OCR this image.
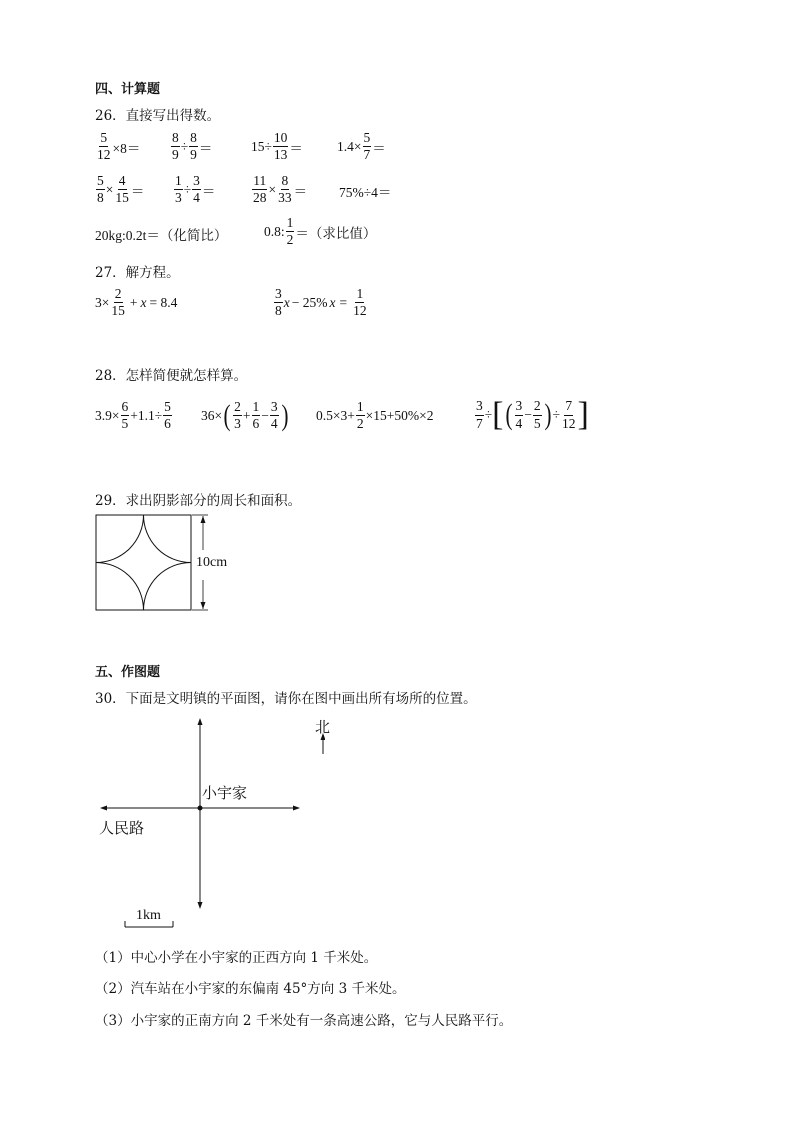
四、计算题
26．直接写出得数。
$\frac{5}{12} \times 8= \frac{8}{9} \div \frac{8}{9}$ ＝	$15\div \frac{10}{13}$ ＝	$1.4\times \frac{5}{7}$ ＝
$\frac{5}{8} \times \frac{4}{15} = \frac{1}{3} \div \frac{3}{4}$ ＝	$\frac{11}{28} \times \frac{8}{33} = 75\%\div 4=$
20kg:0.2t＝（化简比）	0.8: $\frac{1}{2}$ ＝（求比值）
27．解方程。
$3\times \frac{2}{15} + x = 8.4$	$\frac{3}{8}$ x − 25% $x = \frac{1}{12}$
28．怎样简便就怎样算。
$3.9\times \frac{6}{5} +1.1\div \frac{5}{6} 36\times$ ( $\frac{2}{3} + \frac{1}{6} - \frac{3}{4}$ ) $0.5\times 3+ \frac{1}{2} \times 15+50\%\times 2$	$\frac{3}{7}$ ÷ [ ( $\frac{3}{4} - \frac{2}{5}$ ) ÷ $\frac{7}{12}$ ]
29．求出阴影部分的周长和面积。
10cm
五、作图题
30．下面是文明镇的平面图，请你在图中画出所有场所的位置。
北
小宇家
人民路
1km
（1）中心小学在小宇家的正西方向 1 千米处。
（2）汽车站在小宇家的东偏南 45°方向 3 千米处。
（3）小宇家的正南方向 2 千米处有一条高速公路，它与人民路平行。
